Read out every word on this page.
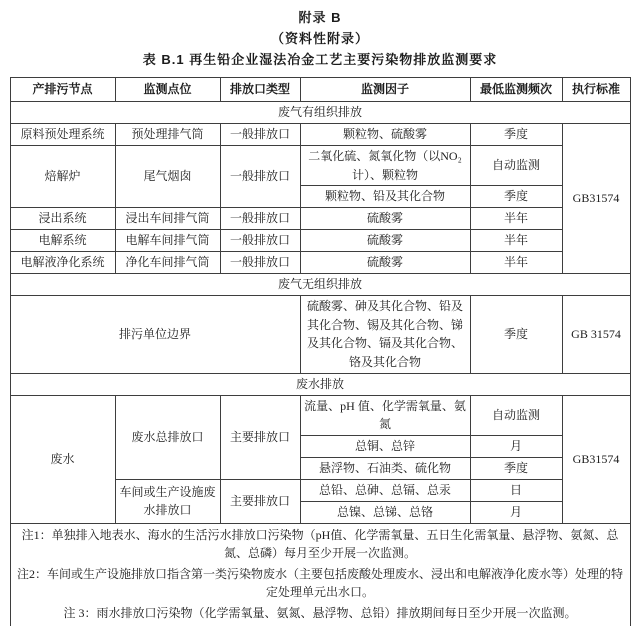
附录 B
（资料性附录）
表 B.1 再生铅企业湿法冶金工艺主要污染物排放监测要求
产排污节点	监测点位	排放口类型	监测因子	最低监测频次	执行标准
废气有组织排放					
原料预处理系统	预处理排气筒	一般排放口	颗粒物、硫酸雾	季度	GB31574
焙解炉	尾气烟囱	一般排放口	二氧化硫、氮氧化物（以NO₂计）、颗粒物	自动监测	
			颗粒物、铅及其化合物	季度	
浸出系统	浸出车间排气筒	一般排放口	硫酸雾	半年	
电解系统	电解车间排气筒	一般排放口	硫酸雾	半年	
电解液净化系统	净化车间排气筒	一般排放口	硫酸雾	半年	
废气无组织排放					
排污单位边界			硫酸雾、砷及其化合物、铅及其化合物、锡及其化合物、锑及其化合物、镉及其化合物、铬及其化合物	季度	GB 31574
废水排放					
废水	废水总排放口	主要排放口	流量、pH 值、化学需氧量、氨氮	自动监测	GB31574
			总铜、总锌	月	
			悬浮物、石油类、硫化物	季度	
	车间或生产设施废水排放口	主要排放口	总铅、总砷、总镉、总汞	日	
			总镍、总锑、总铬	月	

注1：单独排入地表水、海水的生活污水排放口污染物（pH值、化学需氧量、五日生化需氧量、悬浮物、氨氮、总氮、总磷）每月至少开展一次监测。

注2：车间或生产设施排放口指含第一类污染物废水（主要包括废酸处理废水、浸出和电解液净化废水等）处理的特定处理单元出水口。

注 3：雨水排放口污染物（化学需氧量、氨氮、悬浮物、总铅）排放期间每日至少开展一次监测。					
